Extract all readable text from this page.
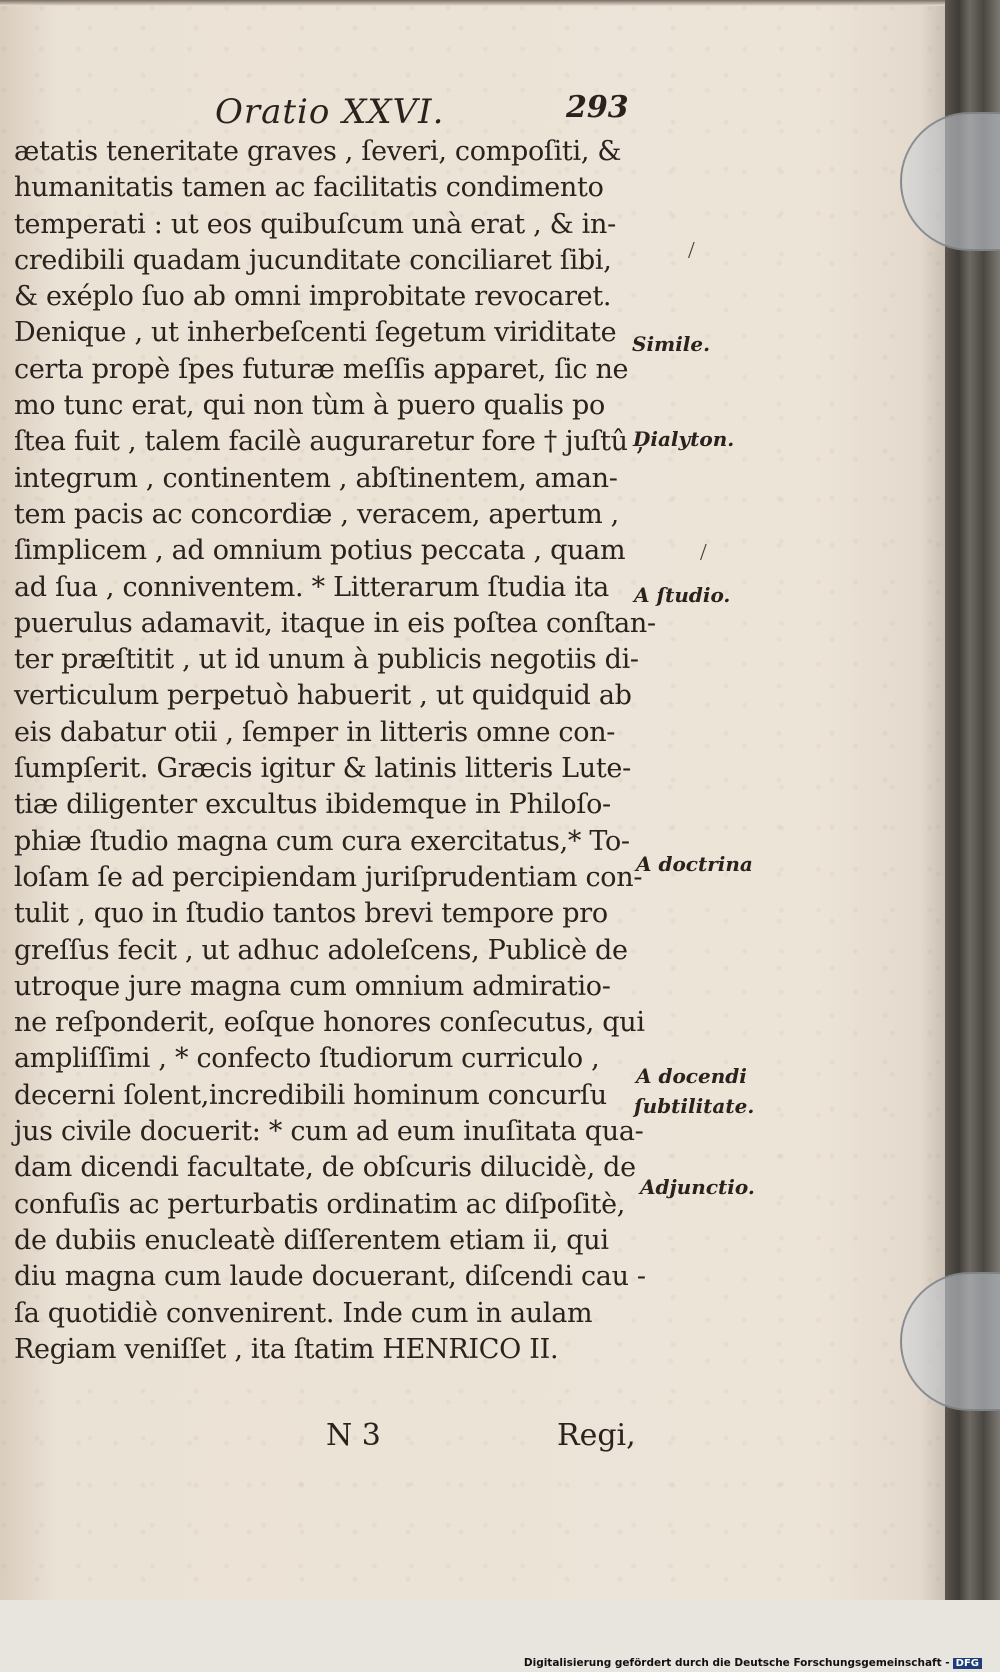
Oratio XXVI.	293
ætatis teneritate graves , ſeveri, compoſiti, &
humanitatis tamen ac facilitatis condimento
temperati : ut eos quibuſcum unà erat , & in-
credibili quadam jucunditate conciliaret ſibi,
& exéplo ſuo ab omni improbitate revocaret.
Denique , ut inherbeſcenti ſegetum viriditate
certa propè ſpes futuræ meſſis apparet, ſic ne
mo tunc erat, qui non tùm à puero qualis po
ſtea fuit , talem facilè auguraretur fore † juſtû ,
integrum , continentem , abſtinentem, aman-
tem pacis ac concordiæ , veracem, apertum ,
ſimplicem , ad omnium potius peccata , quam
ad ſua , conniventem. * Litterarum ſtudia ita
puerulus adamavit, itaque in eis poſtea conſtan-
ter præſtitit , ut id unum à publicis negotiis di-
verticulum perpetuò habuerit , ut quidquid ab
eis dabatur otii , ſemper in litteris omne con-
ſumpſerit. Græcis igitur & latinis litteris Lute-
tiæ diligenter excultus ibidemque in Philoſo-
phiæ ſtudio magna cum cura exercitatus,* To-
loſam ſe ad percipiendam juriſprudentiam con-
tulit , quo in ſtudio tantos brevi tempore pro
greſſus fecit , ut adhuc adoleſcens, Publicè de
utroque jure magna cum omnium admiratio-
ne reſponderit, eoſque honores conſecutus, qui
ampliſſimi , * confecto ſtudiorum curriculo ,
decerni ſolent,incredibili hominum concurſu
jus civile docuerit: * cum ad eum inuſitata qua-
dam dicendi facultate, de obſcuris dilucidè, de
confuſis ac perturbatis ordinatim ac diſpoſitè,
de dubiis enucleatè diſſerentem etiam ii, qui
diu magna cum laude docuerant, diſcendi cau -
ſa quotidiè convenirent. Inde cum in aulam
Regiam veniſſet , ita ſtatim HENRICO II.
Simile.
Dialyton.
A ſtudio.
A doctrina
A docendi
ſubtilitate.
Adjunctio.
/
/
N 3	Regi,
Digitalisierung gefördert durch die Deutsche Forschungsgemeinschaft - DFG
